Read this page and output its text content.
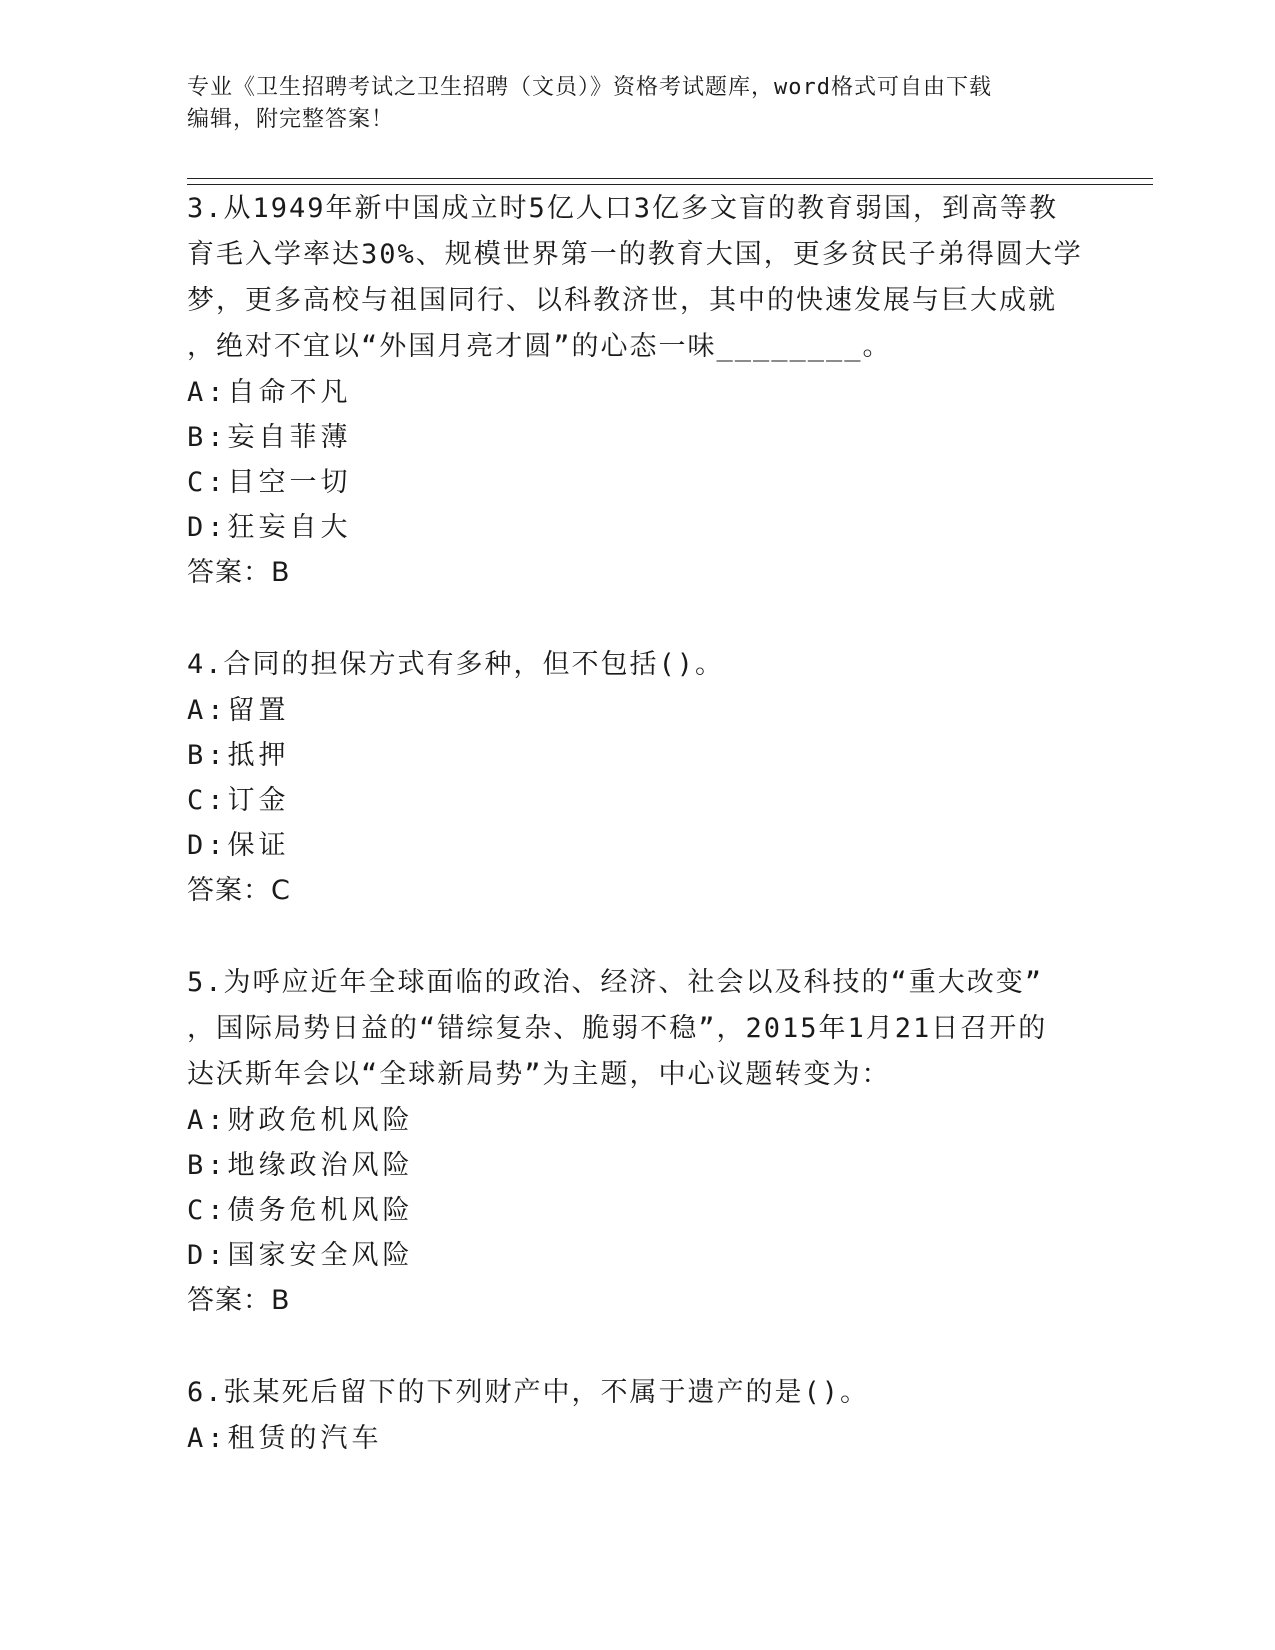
专业《卫生招聘考试之卫生招聘（文员）》资格考试题库，word格式可自由下载
编辑，附完整答案！
3.从1949年新中国成立时5亿人口3亿多文盲的教育弱国，到高等教
育毛入学率达30%、规模世界第一的教育大国，更多贫民子弟得圆大学
梦，更多高校与祖国同行、以科教济世，其中的快速发展与巨大成就
，绝对不宜以“外国月亮才圆”的心态一味________。
A:自命不凡
B:妄自菲薄
C:目空一切
D:狂妄自大
答案：B
4.合同的担保方式有多种，但不包括()。
A:留置
B:抵押
C:订金
D:保证
答案：C
5.为呼应近年全球面临的政治、经济、社会以及科技的“重大改变”
，国际局势日益的“错综复杂、脆弱不稳”，2015年1月21日召开的
达沃斯年会以“全球新局势”为主题，中心议题转变为：
A:财政危机风险
B:地缘政治风险
C:债务危机风险
D:国家安全风险
答案：B
6.张某死后留下的下列财产中，不属于遗产的是()。
A:租赁的汽车
